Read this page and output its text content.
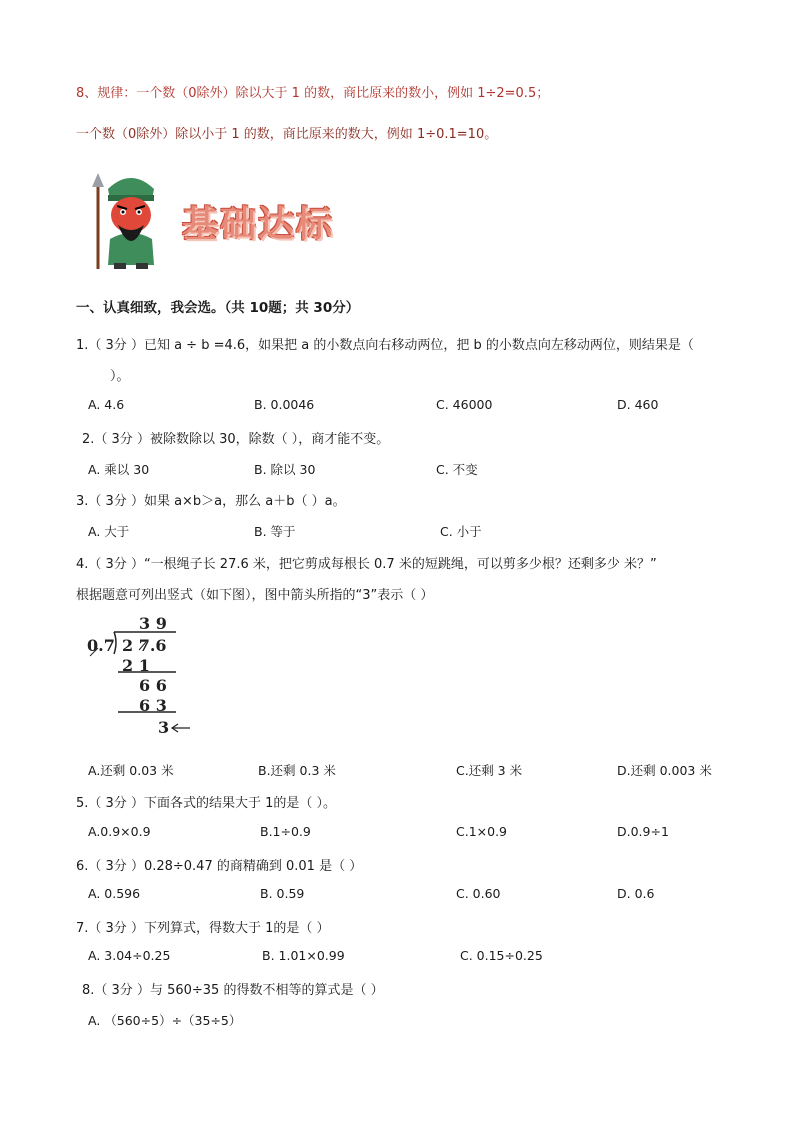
8、规律：一个数（0除外）除以大于 1 的数，商比原来的数小，例如 1÷2=0.5；
一个数（0除外）除以小于 1 的数，商比原来的数大，例如 1÷0.1=10。
基础达标
一、认真细致，我会选。（共 10题；共 30分）
1.（ 3分 ）已知 a ÷ b =4.6，如果把 a 的小数点向右移动两位，把 b 的小数点向左移动两位，则结果是（
）。
A. 4.6	B. 0.0046	C. 46000	D. 460
2.（ 3分 ）被除数除以 30，除数（ ），商才能不变。
A. 乘以 30	B. 除以 30	C. 不变
3.（ 3分 ）如果 a×b＞a，那么 a＋b（ ）a。
A. 大于	B. 等于	C. 小于
4.（ 3分 ）“一根绳子长 27.6 米，把它剪成每根长 0.7 米的短跳绳，可以剪多少根？还剩多少 米？”
根据题意可列出竖式（如下图），图中箭头所指的“3”表示（ ）
3 9
0.7 2 7.6
2 1
6 6
6 3
3
A.还剩 0.03 米	B.还剩 0.3 米	C.还剩 3 米	D.还剩 0.003 米
5.（ 3分 ）下面各式的结果大于 1的是（ ）。
A.0.9×0.9	B.1÷0.9	C.1×0.9	D.0.9÷1
6.（ 3分 ）0.28÷0.47 的商精确到 0.01 是（ ）
A. 0.596	B. 0.59	C. 0.60	D. 0.6
7.（ 3分 ）下列算式，得数大于 1的是（ ）
A. 3.04÷0.25	B. 1.01×0.99	C. 0.15÷0.25
8.（ 3分 ）与 560÷35 的得数不相等的算式是（ ）
A. （560÷5）÷（35÷5）
